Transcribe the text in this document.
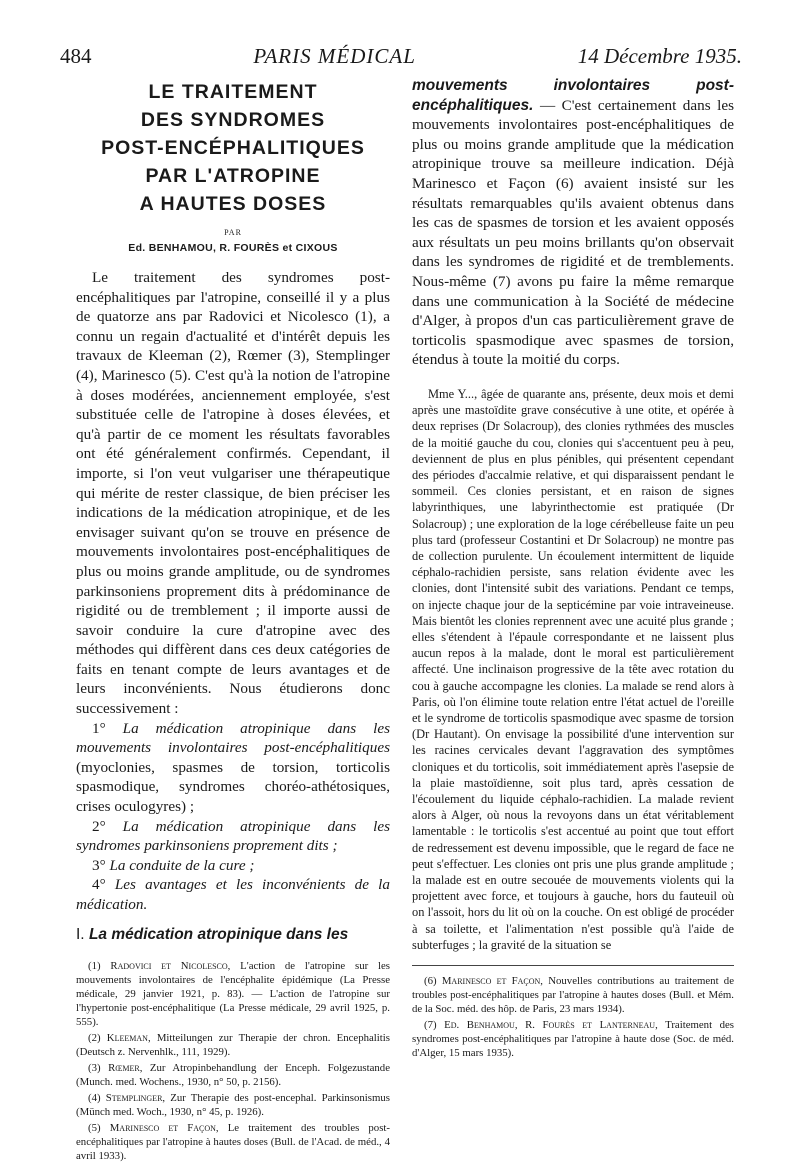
484	PARIS MÉDICAL	14 Décembre 1935.
LE TRAITEMENT
DES SYNDROMES
POST-ENCÉPHALITIQUES
PAR L'ATROPINE
A HAUTES DOSES
PAR
Ed. BENHAMOU, R. FOURÈS et CIXOUS

Le traitement des syndromes post-encéphalitiques par l'atropine, conseillé il y a plus de quatorze ans par Radovici et Nicolesco (1), a connu un regain d'actualité et d'intérêt depuis les travaux de Kleeman (2), Rœmer (3), Stemplinger (4), Marinesco (5). C'est qu'à la notion de l'atropine à doses modérées, anciennement employée, s'est substituée celle de l'atropine à doses élevées, et qu'à partir de ce moment les résultats favorables ont été généralement confirmés. Cependant, il importe, si l'on veut vulgariser une thérapeutique qui mérite de rester classique, de bien préciser les indications de la médication atropinique, et de les envisager suivant qu'on se trouve en présence de mouvements involontaires post-encéphalitiques de plus ou moins grande amplitude, ou de syndromes parkinsoniens proprement dits à prédominance de rigidité ou de tremblement ; il importe aussi de savoir conduire la cure d'atropine avec des méthodes qui diffèrent dans ces deux catégories de faits en tenant compte de leurs avantages et de leurs inconvénients. Nous étudierons donc successivement :

1° La médication atropinique dans les mouvements involontaires post-encéphalitiques (myoclonies, spasmes de torsion, torticolis spasmodique, syndromes choréo-athétosiques, crises oculogyres) ;

2° La médication atropinique dans les syndromes parkinsoniens proprement dits ;

3° La conduite de la cure ;

4° Les avantages et les inconvénients de la médication.

I. La médication atropinique dans les

(1) Radovici et Nicolesco, L'action de l'atropine sur les mouvements involontaires de l'encéphalite épidémique (La Presse médicale, 29 janvier 1921, p. 83). — L'action de l'atropine sur l'hypertonie post-encéphalitique (La Presse médicale, 29 avril 1925, p. 555).

(2) Kleeman, Mitteilungen zur Therapie der chron. Encephalitis (Deutsch z. Nervenhlk., 111, 1929).

(3) Rœmer, Zur Atropinbehandlung der Enceph. Folgezustande (Munch. med. Wochens., 1930, n° 50, p. 2156).

(4) Stemplinger, Zur Therapie des post-encephal. Parkinsonismus (Münch med. Woch., 1930, n° 45, p. 1926).

(5) Marinesco et Façon, Le traitement des troubles post-encéphalitiques par l'atropine à hautes doses (Bull. de l'Acad. de méd., 4 avril 1933).

mouvements involontaires post-encéphalitiques. — C'est certainement dans les mouvements involontaires post-encéphalitiques de plus ou moins grande amplitude que la médication atropinique trouve sa meilleure indication. Déjà Marinesco et Façon (6) avaient insisté sur les résultats remarquables qu'ils avaient obtenus dans les cas de spasmes de torsion et les avaient opposés aux résultats un peu moins brillants qu'on observait dans les syndromes de rigidité et de tremblements. Nous-même (7) avons pu faire la même remarque dans une communication à la Société de médecine d'Alger, à propos d'un cas particulièrement grave de torticolis spasmodique avec spasmes de torsion, étendus à toute la moitié du corps.

Mme Y..., âgée de quarante ans, présente, deux mois et demi après une mastoïdite grave consécutive à une otite, et opérée à deux reprises (Dr Solacroup), des clonies rythmées des muscles de la moitié gauche du cou, clonies qui s'accentuent peu à peu, deviennent de plus en plus pénibles, qui présentent cependant des périodes d'accalmie relative, et qui disparaissent pendant le sommeil. Ces clonies persistant, et en raison de signes labyrinthiques, une labyrinthectomie est pratiquée (Dr Solacroup) ; une exploration de la loge cérébelleuse faite un peu plus tard (professeur Costantini et Dr Solacroup) ne montre pas de collection purulente. Un écoulement intermittent de liquide céphalo-rachidien persiste, sans relation évidente avec les clonies, dont l'intensité subit des variations. Pendant ce temps, on injecte chaque jour de la septicémine par voie intraveineuse. Mais bientôt les clonies reprennent avec une acuité plus grande ; elles s'étendent à l'épaule correspondante et ne laissent plus aucun repos à la malade, dont le moral est particulièrement affecté. Une inclinaison progressive de la tête avec rotation du cou à gauche accompagne les clonies. La malade se rend alors à Paris, où l'on élimine toute relation entre l'état actuel de l'oreille et le syndrome de torticolis spasmodique avec spasme de torsion (Dr Hautant). On envisage la possibilité d'une intervention sur les racines cervicales devant l'aggravation des symptômes cloniques et du torticolis, soit immédiatement après l'asepsie de la plaie mastoïdienne, soit plus tard, après cessation de l'écoulement du liquide céphalo-rachidien. La malade revient alors à Alger, où nous la revoyons dans un état véritablement lamentable : le torticolis s'est accentué au point que tout effort de redressement est devenu impossible, que le regard de face ne peut s'effectuer. Les clonies ont pris une plus grande amplitude ; la malade est en outre secouée de mouvements violents qui la projettent avec force, et toujours à gauche, hors du fauteuil où on l'assoit, hors du lit où on la couche. On est obligé de procéder à sa toilette, et l'alimentation n'est possible qu'à l'aide de subterfuges ; la gravité de la situation se

(6) Marinesco et Façon, Nouvelles contributions au traitement de troubles post-encéphalitiques par l'atropine à hautes doses (Bull. et Mém. de la Soc. méd. des hôp. de Paris, 23 mars 1934).

(7) Ed. Benhamou, R. Fourès et Lanterneau, Traitement des syndromes post-encéphalitiques par l'atropine à haute dose (Soc. de méd. d'Alger, 15 mars 1935).
